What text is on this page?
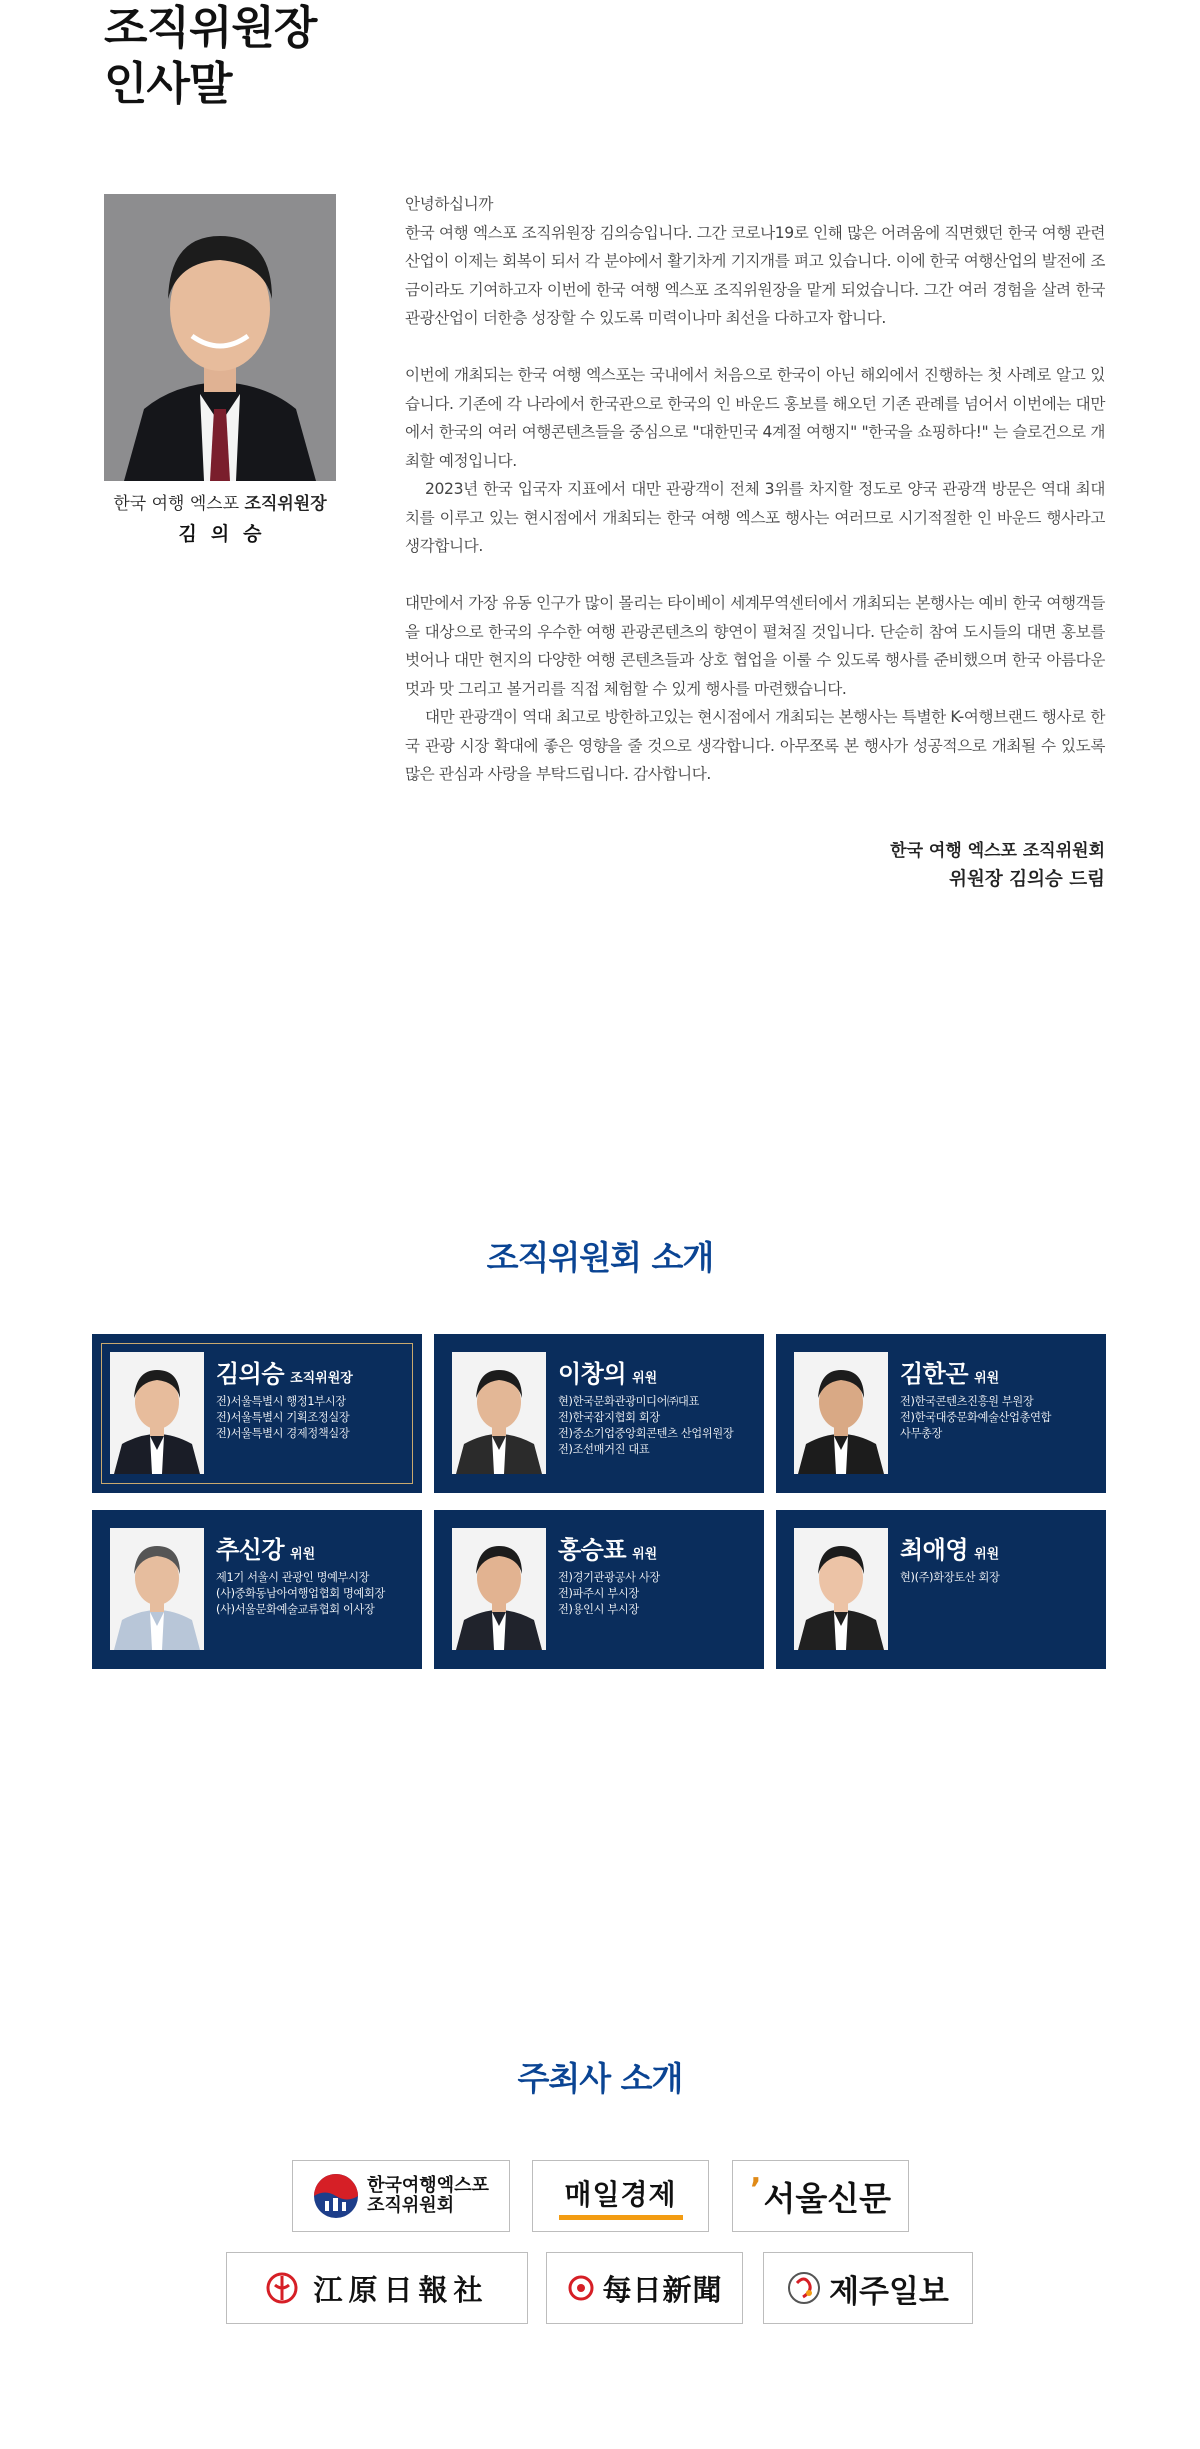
조직위원장
인사말
한국 여행 엑스포 조직위원장
김의승

안녕하십니까
한국 여행 엑스포 조직위원장 김의승입니다. 그간 코로나19로 인해 많은 어려움에 직면했던 한국 여행 관련 산업이 이제는 회복이 되서 각 분야에서 활기차게 기지개를 펴고 있습니다. 이에 한국 여행산업의 발전에 조금이라도 기여하고자 이번에 한국 여행 엑스포 조직위원장을 맡게 되었습니다. 그간 여러 경험을 살려 한국 관광산업이 더한층 성장할 수 있도록 미력이나마 최선을 다하고자 합니다.

이번에 개최되는 한국 여행 엑스포는 국내에서 처음으로 한국이 아닌 해외에서 진행하는 첫 사례로 알고 있습니다. 기존에 각 나라에서 한국관으로 한국의 인 바운드 홍보를 해오던 기존 관례를 넘어서 이번에는 대만에서 한국의 여러 여행콘텐츠들을 중심으로 "대한민국 4계절 여행지" "한국을 쇼핑하다!" 는 슬로건으로 개최할 예정입니다.

2023년 한국 입국자 지표에서 대만 관광객이 전체 3위를 차지할 정도로 양국 관광객 방문은 역대 최대치를 이루고 있는 현시점에서 개최되는 한국 여행 엑스포 행사는 여러므로 시기적절한 인 바운드 행사라고 생각합니다.

대만에서 가장 유동 인구가 많이 몰리는 타이베이 세계무역센터에서 개최되는 본행사는 예비 한국 여행객들을 대상으로 한국의 우수한 여행 관광콘텐츠의 향연이 펼쳐질 것입니다. 단순히 참여 도시들의 대면 홍보를 벗어나 대만 현지의 다양한 여행 콘텐츠들과 상호 협업을 이룰 수 있도록 행사를 준비했으며 한국 아름다운 멋과 맛 그리고 볼거리를 직접 체험할 수 있게 행사를 마련했습니다.

대만 관광객이 역대 최고로 방한하고있는 현시점에서 개최되는 본행사는 특별한 K-여행브랜드 행사로 한국 관광 시장 확대에 좋은 영향을 줄 것으로 생각합니다. 아무쪼록 본 행사가 성공적으로 개최될 수 있도록 많은 관심과 사랑을 부탁드립니다. 감사합니다.

한국 여행 엑스포 조직위원회
위원장 김의승 드림
조직위원회 소개
김의승 조직위원장
전)서울특별시 행정1부시장
전)서울특별시 기획조정실장
전)서울특별시 경제정책실장
이창의 위원
현)한국문화관광미디어㈜대표
전)한국잡지협회 회장
전)중소기업중앙회콘텐츠 산업위원장
전)조선매거진 대표
김한곤 위원
전)한국콘텐츠진흥원 부원장
전)한국대중문화예술산업총연합
사무총장
추신강 위원
제1기 서울시 관광인 명예부시장
(사)중화동남아여행업협회 명예회장
(사)서울문화예술교류협회 이사장
홍승표 위원
전)경기관광공사 사장
전)파주시 부시장
전)용인시 부시장
최애영 위원
현)(주)화장토산 회장
주최사 소개
한국여행엑스포
조직위원회	매일경제 ’ 서울신문
江原日報社	每日新聞	제주일보
